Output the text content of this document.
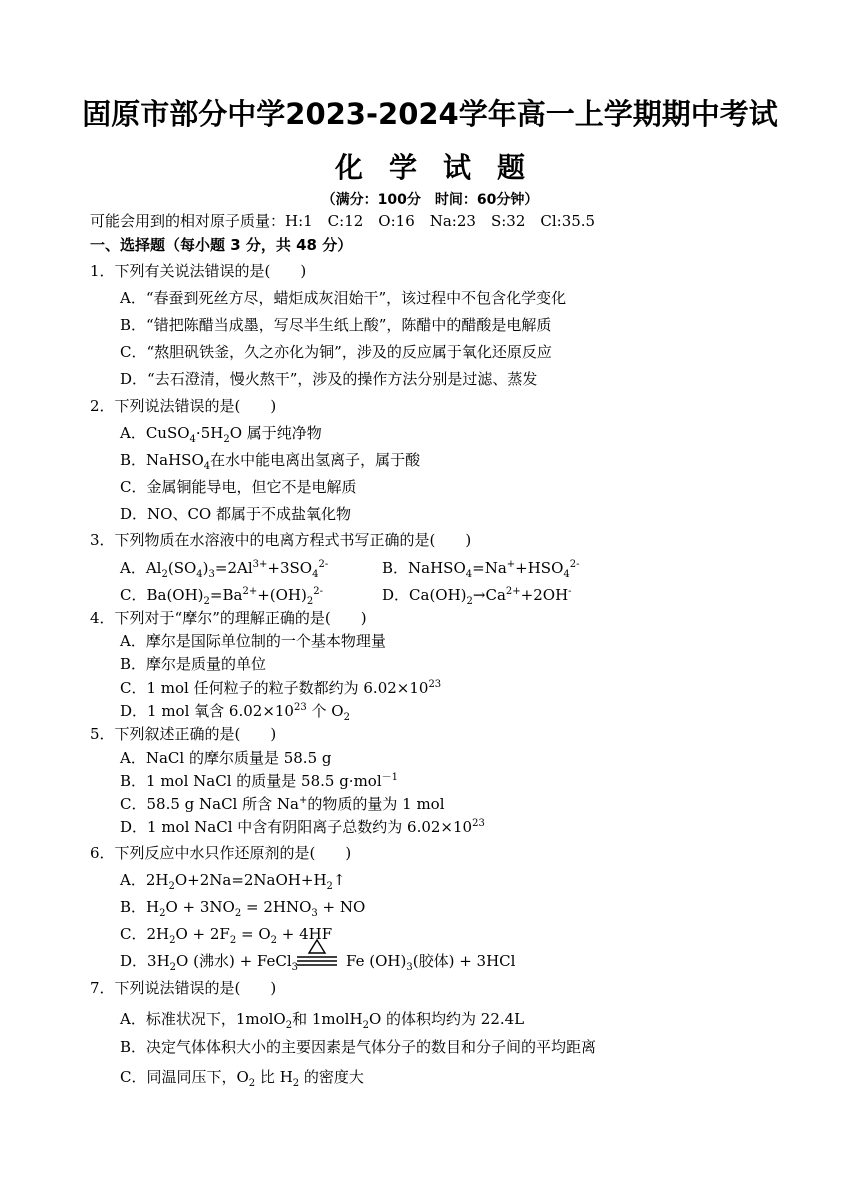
固原市部分中学2023-2024学年高一上学期期中考试
化学试题
（满分：100分　时间：60分钟）
可能会用到的相对原子质量：H:1　C:12　O:16　Na:23　S:32　Cl:35.5
一、选择题（每小题 3 分，共 48 分）
1．下列有关说法错误的是(　　)
A．“春蚕到死丝方尽，蜡炬成灰泪始干”，该过程中不包含化学变化
B．“错把陈醋当成墨，写尽半生纸上酸”，陈醋中的醋酸是电解质
C．“熬胆矾铁釜，久之亦化为铜”，涉及的反应属于氧化还原反应
D．“去石澄清，慢火熬干”，涉及的操作方法分别是过滤、蒸发
2．下列说法错误的是(　　)
A．$CuSO_4\cdot 5H_2O$ 属于纯净物
B．NaHSO$_4$在水中能电离出氢离子，属于酸
C．金属铜能导电，但它不是电解质
D．NO、CO 都属于不成盐氧化物
3．下列物质在水溶液中的电离方程式书写正确的是(　　)
A．$Al_2(SO_4)_3=2Al^{3+}+3SO_4^{2-}$	B．$NaHSO_4=Na^++HSO_4^{2-}$
C．$Ba(OH)_2=Ba^{2+}+(OH)_2^{2-}$	D．$Ca(OH)_2\to Ca^{2+}+2OH^-$
4．下列对于“摩尔”的理解正确的是(　　)
A．摩尔是国际单位制的一个基本物理量
B．摩尔是质量的单位
C．1 mol 任何粒子的粒子数都约为 $6.02\times 10^{23}$
D．1 mol 氧含 $6.02\times 10^{23}$ 个 $O_2$
5．下列叙述正确的是(　　)
A．NaCl 的摩尔质量是 58.5 g
B．1 mol NaCl 的质量是 58.5 g·mol$^{-1}$
C．58.5 g NaCl 所含 Na+的物质的量为 1 mol
D．1 mol NaCl 中含有阴阳离子总数约为 $6.02\times 10^{23}$
6．下列反应中水只作还原剂的是(　　)
A．$2H_2O+2Na=2NaOH+H_2↑$
B．$H_2O + 3NO_2 = 2HNO_3$ + NO
C．$2H_2O + 2F_2 = O_2 + 4HF$
D．$3H_2O$ (沸水) + FeCl$_3$	Fe $(OH)_3$(胶体) + 3HCl
7．下列说法错误的是(　　)
A．标准状况下，1molO$_2$和 1molH$_2$O 的体积均约为 22.4L
B．决定气体体积大小的主要因素是气体分子的数目和分子间的平均距离
C．同温同压下，$O_2$ 比 $H_2$ 的密度大
